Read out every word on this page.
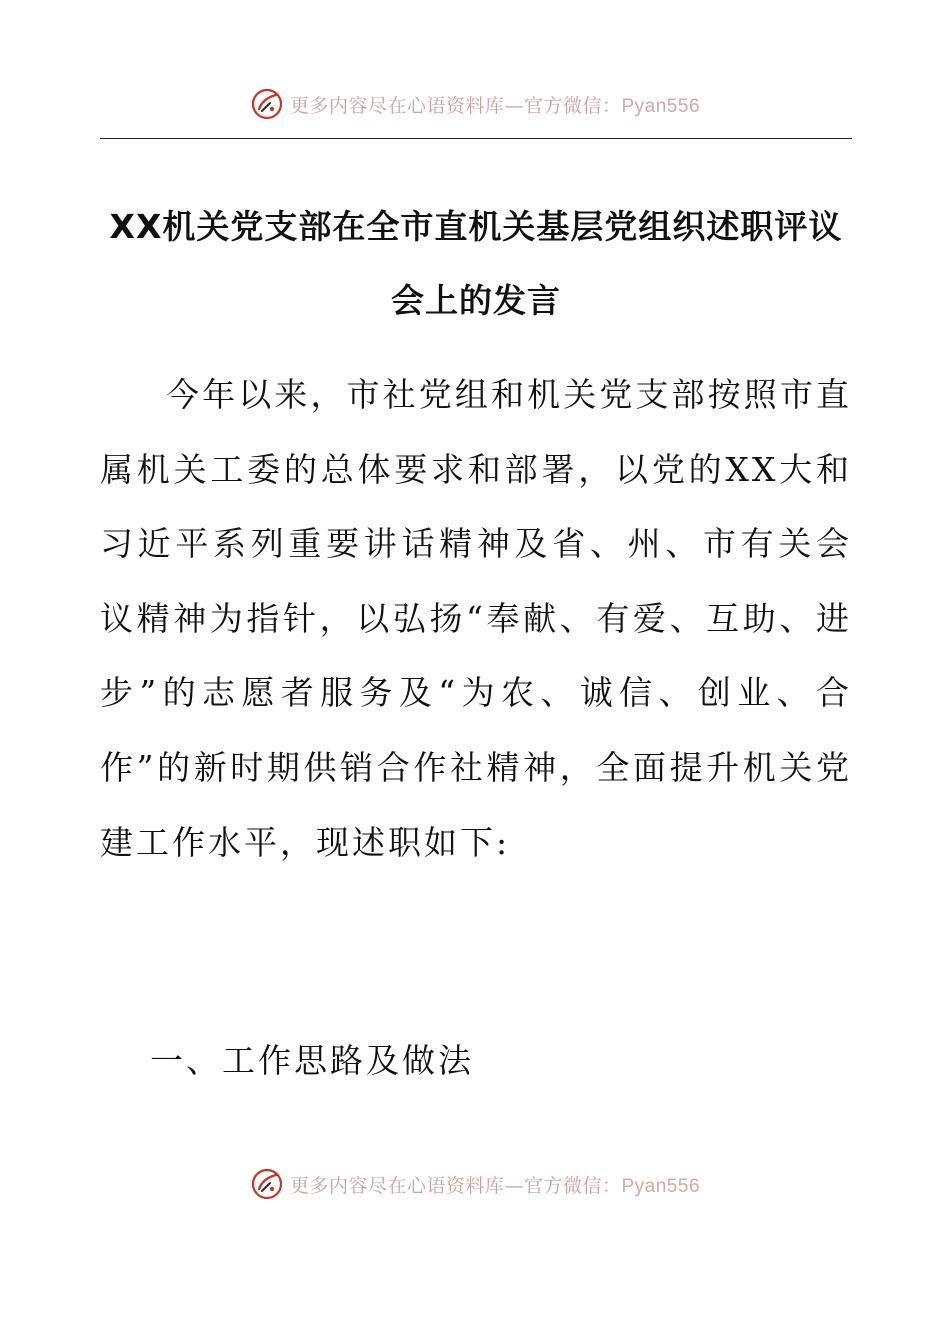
更多内容尽在心语资料库—官方微信：Pyan556
XX机关党支部在全市直机关基层党组织述职评议会上的发言

今年以来，市社党组和机关党支部按照市直属机关工委的总体要求和部署，以党的XX大和习近平系列重要讲话精神及省、州、市有关会议精神为指针，以弘扬“奉献、有爱、互助、进步”的志愿者服务及“为农、诚信、创业、合作”的新时期供销合作社精神，全面提升机关党建工作水平，现述职如下:

一、工作思路及做法

更多内容尽在心语资料库—官方微信：Pyan556
